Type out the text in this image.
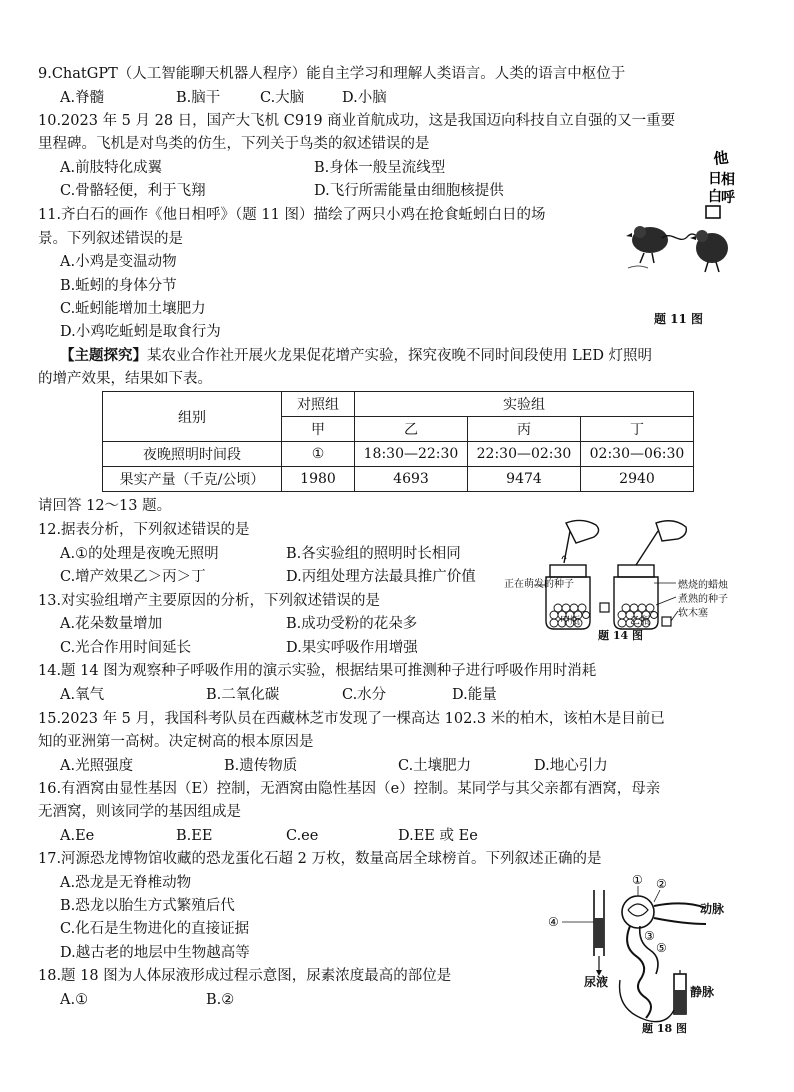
9.ChatGPT（人工智能聊天机器人程序）能自主学习和理解人类语言。人类的语言中枢位于
A.脊髓	B.脑干	C.大脑	D.小脑
10.2023 年 5 月 28 日，国产大飞机 C919 商业首航成功，这是我国迈向科技自立自强的又一重要
里程碑。飞机是对鸟类的仿生，下列关于鸟类的叙述错误的是
A.前肢特化成翼	B.身体一般呈流线型
C.骨骼轻便，利于飞翔	D.飞行所需能量由细胞核提供
他
日 相
白 呼
题 11 图
11.齐白石的画作《他日相呼》（题 11 图）描绘了两只小鸡在抢食蚯蚓白日的场
景。下列叙述错误的是
A.小鸡是变温动物
B.蚯蚓的身体分节
C.蚯蚓能增加土壤肥力
D.小鸡吃蚯蚓是取食行为
【主题探究】某农业合作社开展火龙果促花增产实验，探究夜晚不同时间段使用 LED 灯照明
的增产效果，结果如下表。
组别	对照组	实验组		
	甲	乙	丙	丁
夜晚照明时间段	①	18:30—22:30	22:30—02:30	02:30—06:30
果实产量（千克/公顷）	1980	4693	9474	2940
请回答 12～13 题。
12.据表分析，下列叙述错误的是
A.①的处理是夜晚无照明	B.各实验组的照明时长相同
C.增产效果乙＞丙＞丁	D.丙组处理方法最具推广价值	正在萌发的种子	燃烧的蜡烛
煮熟的种子
软木塞
甲瓶	乙瓶
题 14 图
13.对实验组增产主要原因的分析，下列叙述错误的是
A.花朵数量增加	B.成功受粉的花朵多
C.光合作用时间延长	D.果实呼吸作用增强
14.题 14 图为观察种子呼吸作用的演示实验，根据结果可推测种子进行呼吸作用时消耗
A.氧气	B.二氧化碳	C.水分	D.能量
15.2023 年 5 月，我国科考队员在西藏林芝市发现了一棵高达 102.3 米的柏木，该柏木是目前已
知的亚洲第一高树。决定树高的根本原因是
A.光照强度	B.遗传物质	C.土壤肥力	D.地心引力
16.有酒窝由显性基因（E）控制，无酒窝由隐性基因（e）控制。某同学与其父亲都有酒窝，母亲
无酒窝，则该同学的基因组成是
A.Ee	B.EE	C.ee	D.EE 或 Ee
17.河源恐龙博物馆收藏的恐龙蛋化石超 2 万枚，数量高居全球榜首。下列叙述正确的是
A.恐龙是无脊椎动物
B.恐龙以胎生方式繁殖后代
C.化石是生物进化的直接证据
D.越古老的地层中生物越高等
① ②
③
④
⑤
动脉
静脉
尿液
题 18 图
18.题 18 图为人体尿液形成过程示意图，尿素浓度最高的部位是
A.①	B.②
